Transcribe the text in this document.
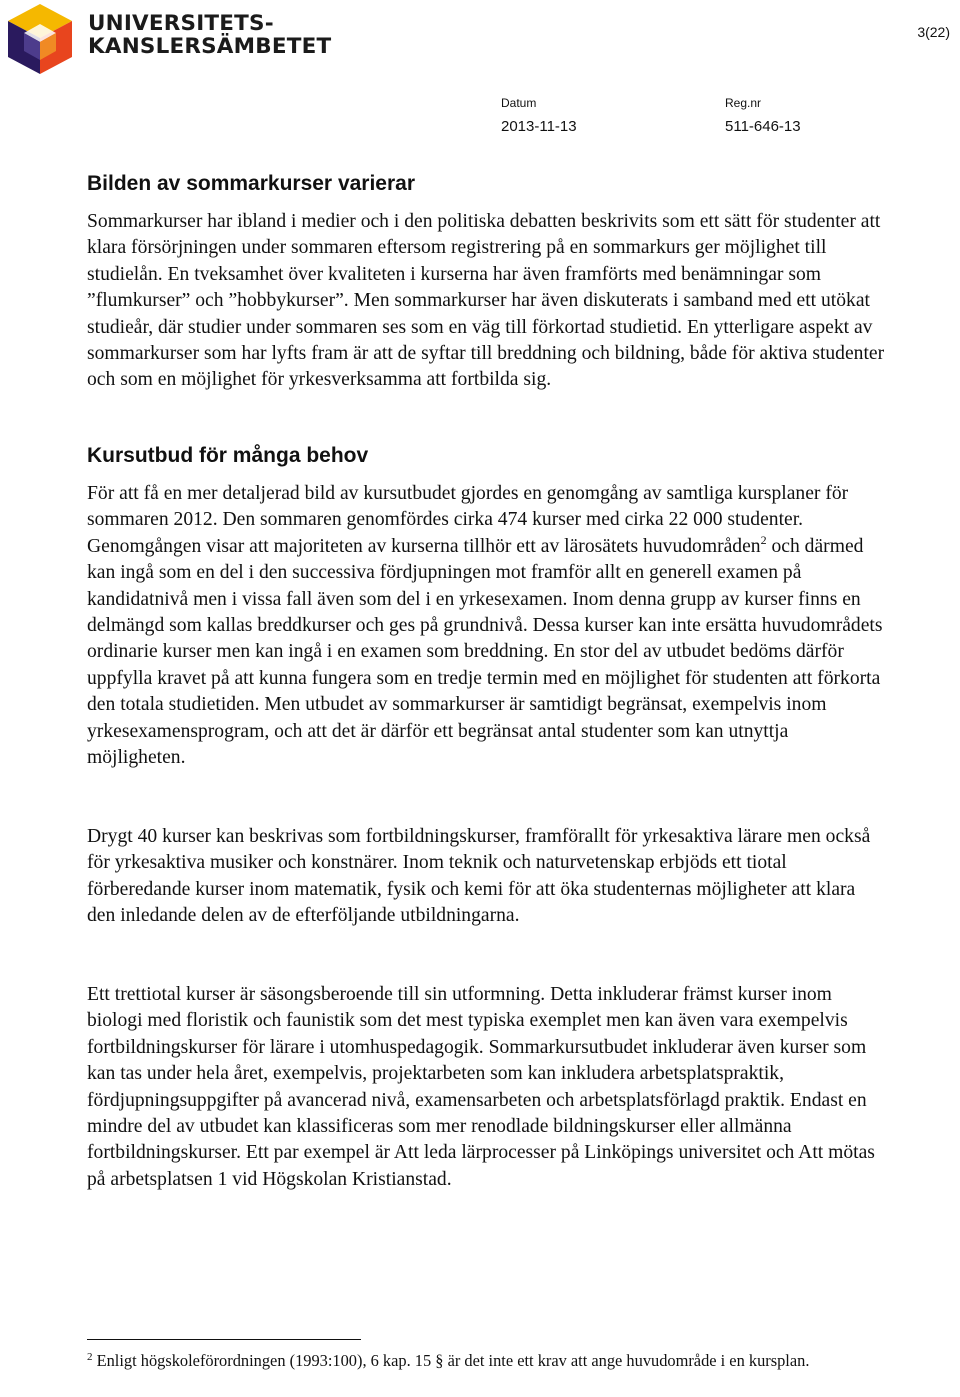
UNIVERSITETS-
KANSLERSÄMBETET
3(22)
Datum
2013-11-13
Reg.nr
511-646-13
Bilden av sommarkurser varierar

Sommarkurser har ibland i medier och i den politiska debatten beskrivits som ett sätt för studenter att klara försörjningen under sommaren eftersom registrering på en sommarkurs ger möjlighet till studielån. En tveksamhet över kvaliteten i kurserna har även framförts med benämningar som ”flumkurser” och ”hobbykurser”. Men sommarkurser har även diskuterats i samband med ett utökat studieår, där studier under sommaren ses som en väg till förkortad studietid. En ytterligare aspekt av sommarkurser som har lyfts fram är att de syftar till breddning och bildning, både för aktiva studenter och som en möjlighet för yrkesverksamma att fortbilda sig.

Kursutbud för många behov

För att få en mer detaljerad bild av kursutbudet gjordes en genomgång av samtliga kursplaner för sommaren 2012. Den sommaren genomfördes cirka 474 kurser med cirka 22 000 studenter. Genomgången visar att majoriteten av kurserna tillhör ett av lärosätets huvudområden$^2$ och därmed kan ingå som en del i den successiva fördjupningen mot framför allt en generell examen på kandidatnivå men i vissa fall även som del i en yrkesexamen. Inom denna grupp av kurser finns en delmängd som kallas breddkurser och ges på grundnivå. Dessa kurser kan inte ersätta huvudområdets ordinarie kurser men kan ingå i en examen som breddning. En stor del av utbudet bedöms därför uppfylla kravet på att kunna fungera som en tredje termin med en möjlighet för studenten att förkorta den totala studietiden. Men utbudet av sommarkurser är samtidigt begränsat, exempelvis inom yrkesexamensprogram, och att det är därför ett begränsat antal studenter som kan utnyttja möjligheten.

Drygt 40 kurser kan beskrivas som fortbildningskurser, framförallt för yrkesaktiva lärare men också för yrkesaktiva musiker och konstnärer. Inom teknik och naturvetenskap erbjöds ett tiotal förberedande kurser inom matematik, fysik och kemi för att öka studenternas möjligheter att klara den inledande delen av de efterföljande utbildningarna.

Ett trettiotal kurser är säsongsberoende till sin utformning. Detta inkluderar främst kurser inom biologi med floristik och faunistik som det mest typiska exemplet men kan även vara exempelvis fortbildningskurser för lärare i utomhuspedagogik. Sommarkursutbudet inkluderar även kurser som kan tas under hela året, exempelvis, projektarbeten som kan inkludera arbetsplatspraktik, fördjupningsuppgifter på avancerad nivå, examensarbeten och arbetsplatsförlagd praktik. Endast en mindre del av utbudet kan klassificeras som mer renodlade bildningskurser eller allmänna fortbildningskurser. Ett par exempel är Att leda lärprocesser på Linköpings universitet och Att mötas på arbetsplatsen 1 vid Högskolan Kristianstad.

$^2$ Enligt högskoleförordningen (1993:100), 6 kap. 15 § är det inte ett krav att ange huvudområde i en kursplan.
